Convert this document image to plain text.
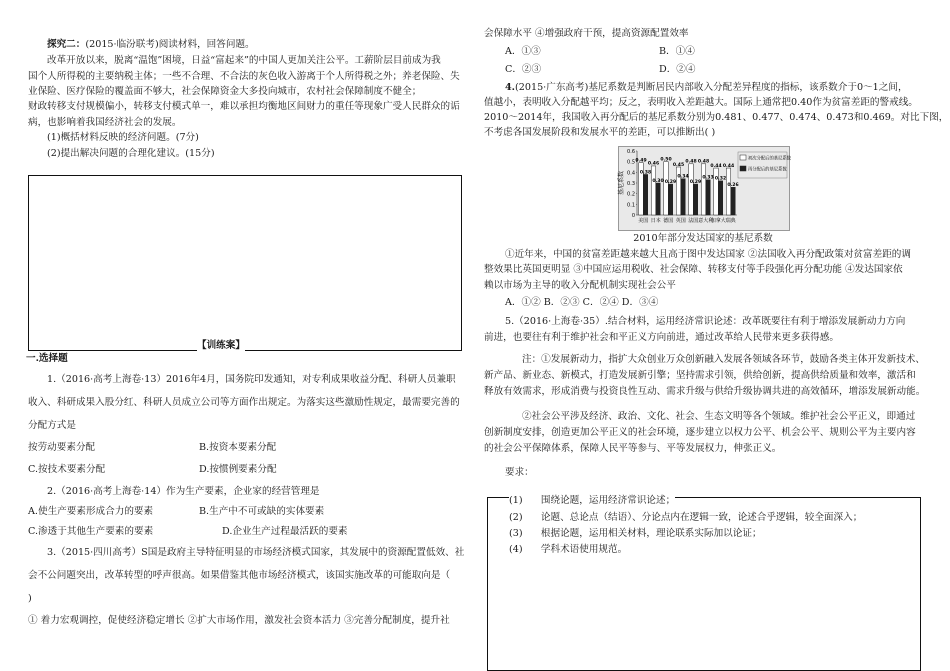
探究二：(2015·临汾联考)阅读材料，回答问题。
改革开放以来，脱离“温饱”困境，日益“富起来”的中国人更加关注公平。工薪阶层目前成为我
国个人所得税的主要纳税主体；一些不合理、不合法的灰色收入游离于个人所得税之外；养老保险、失
业保险、医疗保险的覆盖面不够大，社会保障资金大多投向城市，农村社会保障制度不健全；
财政转移支付规模偏小，转移支付模式单一，难以承担均衡地区间财力的重任等现象广受人民群众的诟
病，也影响着我国经济社会的发展。
(1)概括材料反映的经济问题。(7分)
(2)提出解决问题的合理化建议。(15分)
【训练案】
一.选择题
1.（2016·高考上海卷·13）2016年4月，国务院印发通知，对专利成果收益分配、科研人员兼职
收入、科研成果入股分红、科研人员成立公司等方面作出规定。为落实这些激励性规定，最需要完善的
分配方式是
按劳动要素分配	B.按资本要素分配
C.按技术要素分配	D.按惯例要素分配
2.（2016·高考上海卷·14）作为生产要素，企业家的经营管理是
A.使生产要素形成合力的要素	B.生产中不可或缺的实体要素
C.渗透于其他生产要素的要素	D.企业生产过程最活跃的要素
3.（2015·四川高考）S国是政府主导特征明显的市场经济模式国家，其发展中的资源配置低效、社
会不公问题突出，改革转型的呼声很高。如果借鉴其他市场经济模式，该国实施改革的可能取向是（
)
① 着力宏观调控，促使经济稳定增长 ②扩大市场作用，激发社会资本活力 ③完善分配制度，提升社
会保障水平 ④增强政府干预，提高资源配置效率
A．①③	B．①④
C．②③	D．②④
4.(2015·广东高考)基尼系数是判断居民内部收入分配差异程度的指标，该系数介于0～1之间，
值越小，表明收入分配越平均；反之，表明收入差距越大。国际上通常把0.40作为贫富差距的警戒线。
2010～2014年，我国收入再分配后的基尼系数分别为0.481、0.477、0.474、0.473和0.469。对比下图，
不考虑各国发展阶段和发展水平的差距，可以推断出( )
基尼系数
0
0.1
0.2
0.3
0.4
0.5
0.6
0.49
0.38
美国
0.46
0.30
日本
0.50
0.29
德国
0.45
0.34
英国
0.48
0.29
法国
0.48
0.33
意大利
0.44
0.32
加拿大
0.44
0.26
瑞典
初次分配后的基尼系数
再分配后的基尼系数
2010年部分发达国家的基尼系数
①近年来，中国的贫富差距越来越大且高于图中发达国家 ②法国收入再分配政策对贫富差距的调
整效果比英国更明显 ③中国应运用税收、社会保障、转移支付等手段强化再分配功能 ④发达国家依
赖以市场为主导的收入分配机制实现社会公平
A．①② B．②③ C．②④ D．③④
5.（2016·上海卷·35）.结合材料，运用经济常识论述：改革既要往有利于增添发展新动力方向
前进，也要往有利于维护社会和平正义方向前进，通过改革给人民带来更多获得感。
注：①发展新动力，指扩大众创业万众创新融入发展各领域各环节，鼓励各类主体开发新技术、
新产品、新业态、新模式，打造发展新引擎；坚持需求引领，供给创新，提高供给质量和效率，激活和
释放有效需求，形成消费与投资良性互动、需求升级与供给升级协调共进的高效循环，增添发展新动能。
②社会公平涉及经济、政治、文化、社会、生态文明等各个领域。维护社会公平正义，即通过
创新制度安排，创造更加公平正义的社会环境，逐步建立以权力公平、机会公平、规则公平为主要内容
的社会公平保障体系，保障人民平等参与、平等发展权力，伸张正义。
要求：
(1) 围绕论题，运用经济常识论述；
(2) 论题、总论点（结语）、分论点内在逻辑一致，论述合乎逻辑，较全面深入；
(3) 根据论题，运用相关材料，理论联系实际加以论证；
(4) 学科术语使用规范。
